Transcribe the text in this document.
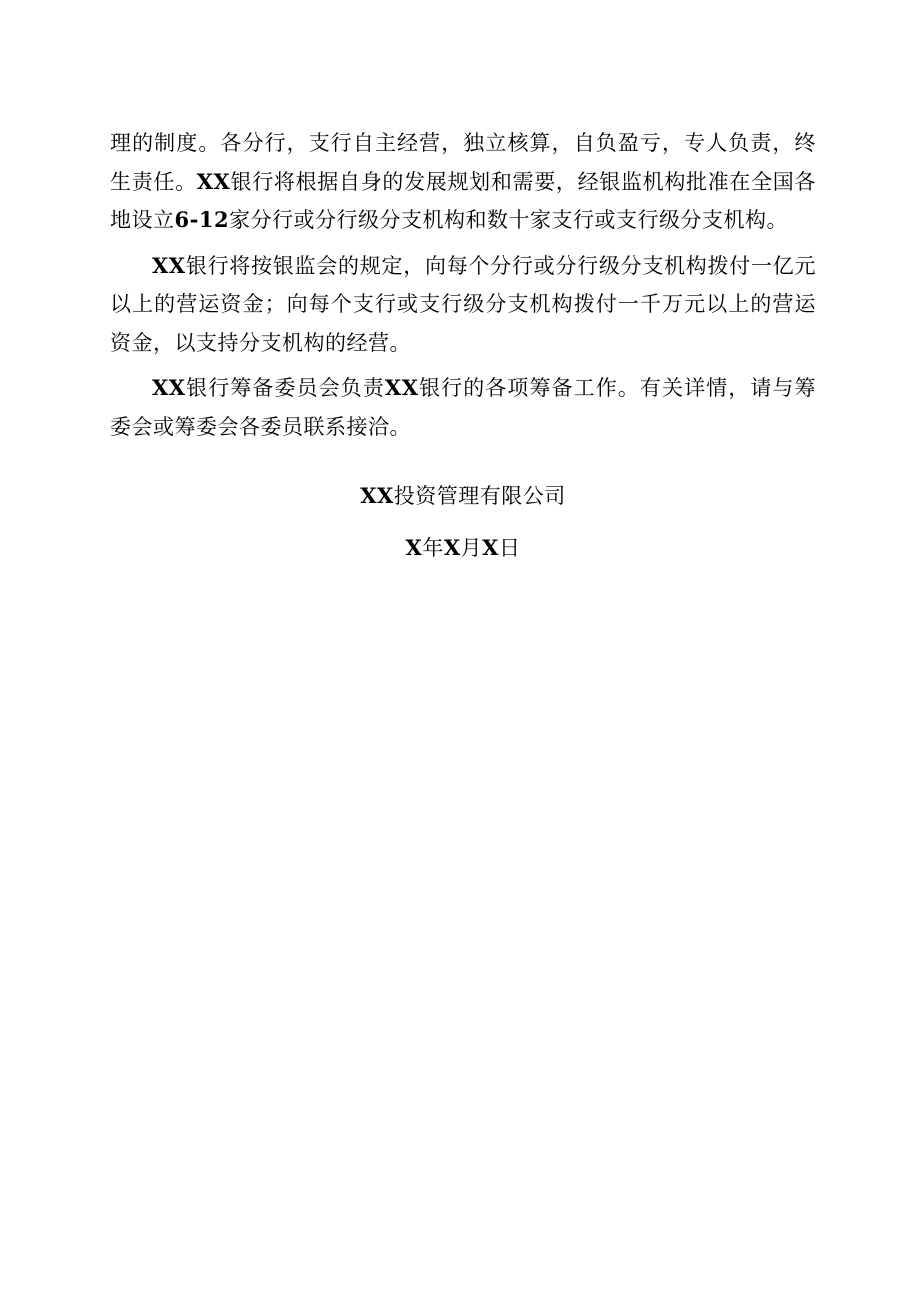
理的制度。各分行，支行自主经营，独立核算，自负盈亏，专人负责，终生责任。XX银行将根据自身的发展规划和需要，经银监机构批准在全国各地设立6-12家分行或分行级分支机构和数十家支行或支行级分支机构。

XX银行将按银监会的规定，向每个分行或分行级分支机构拨付一亿元以上的营运资金；向每个支行或支行级分支机构拨付一千万元以上的营运资金，以支持分支机构的经营。

XX银行筹备委员会负责XX银行的各项筹备工作。有关详情，请与筹委会或筹委会各委员联系接洽。

XX投资管理有限公司
X年X月X日
